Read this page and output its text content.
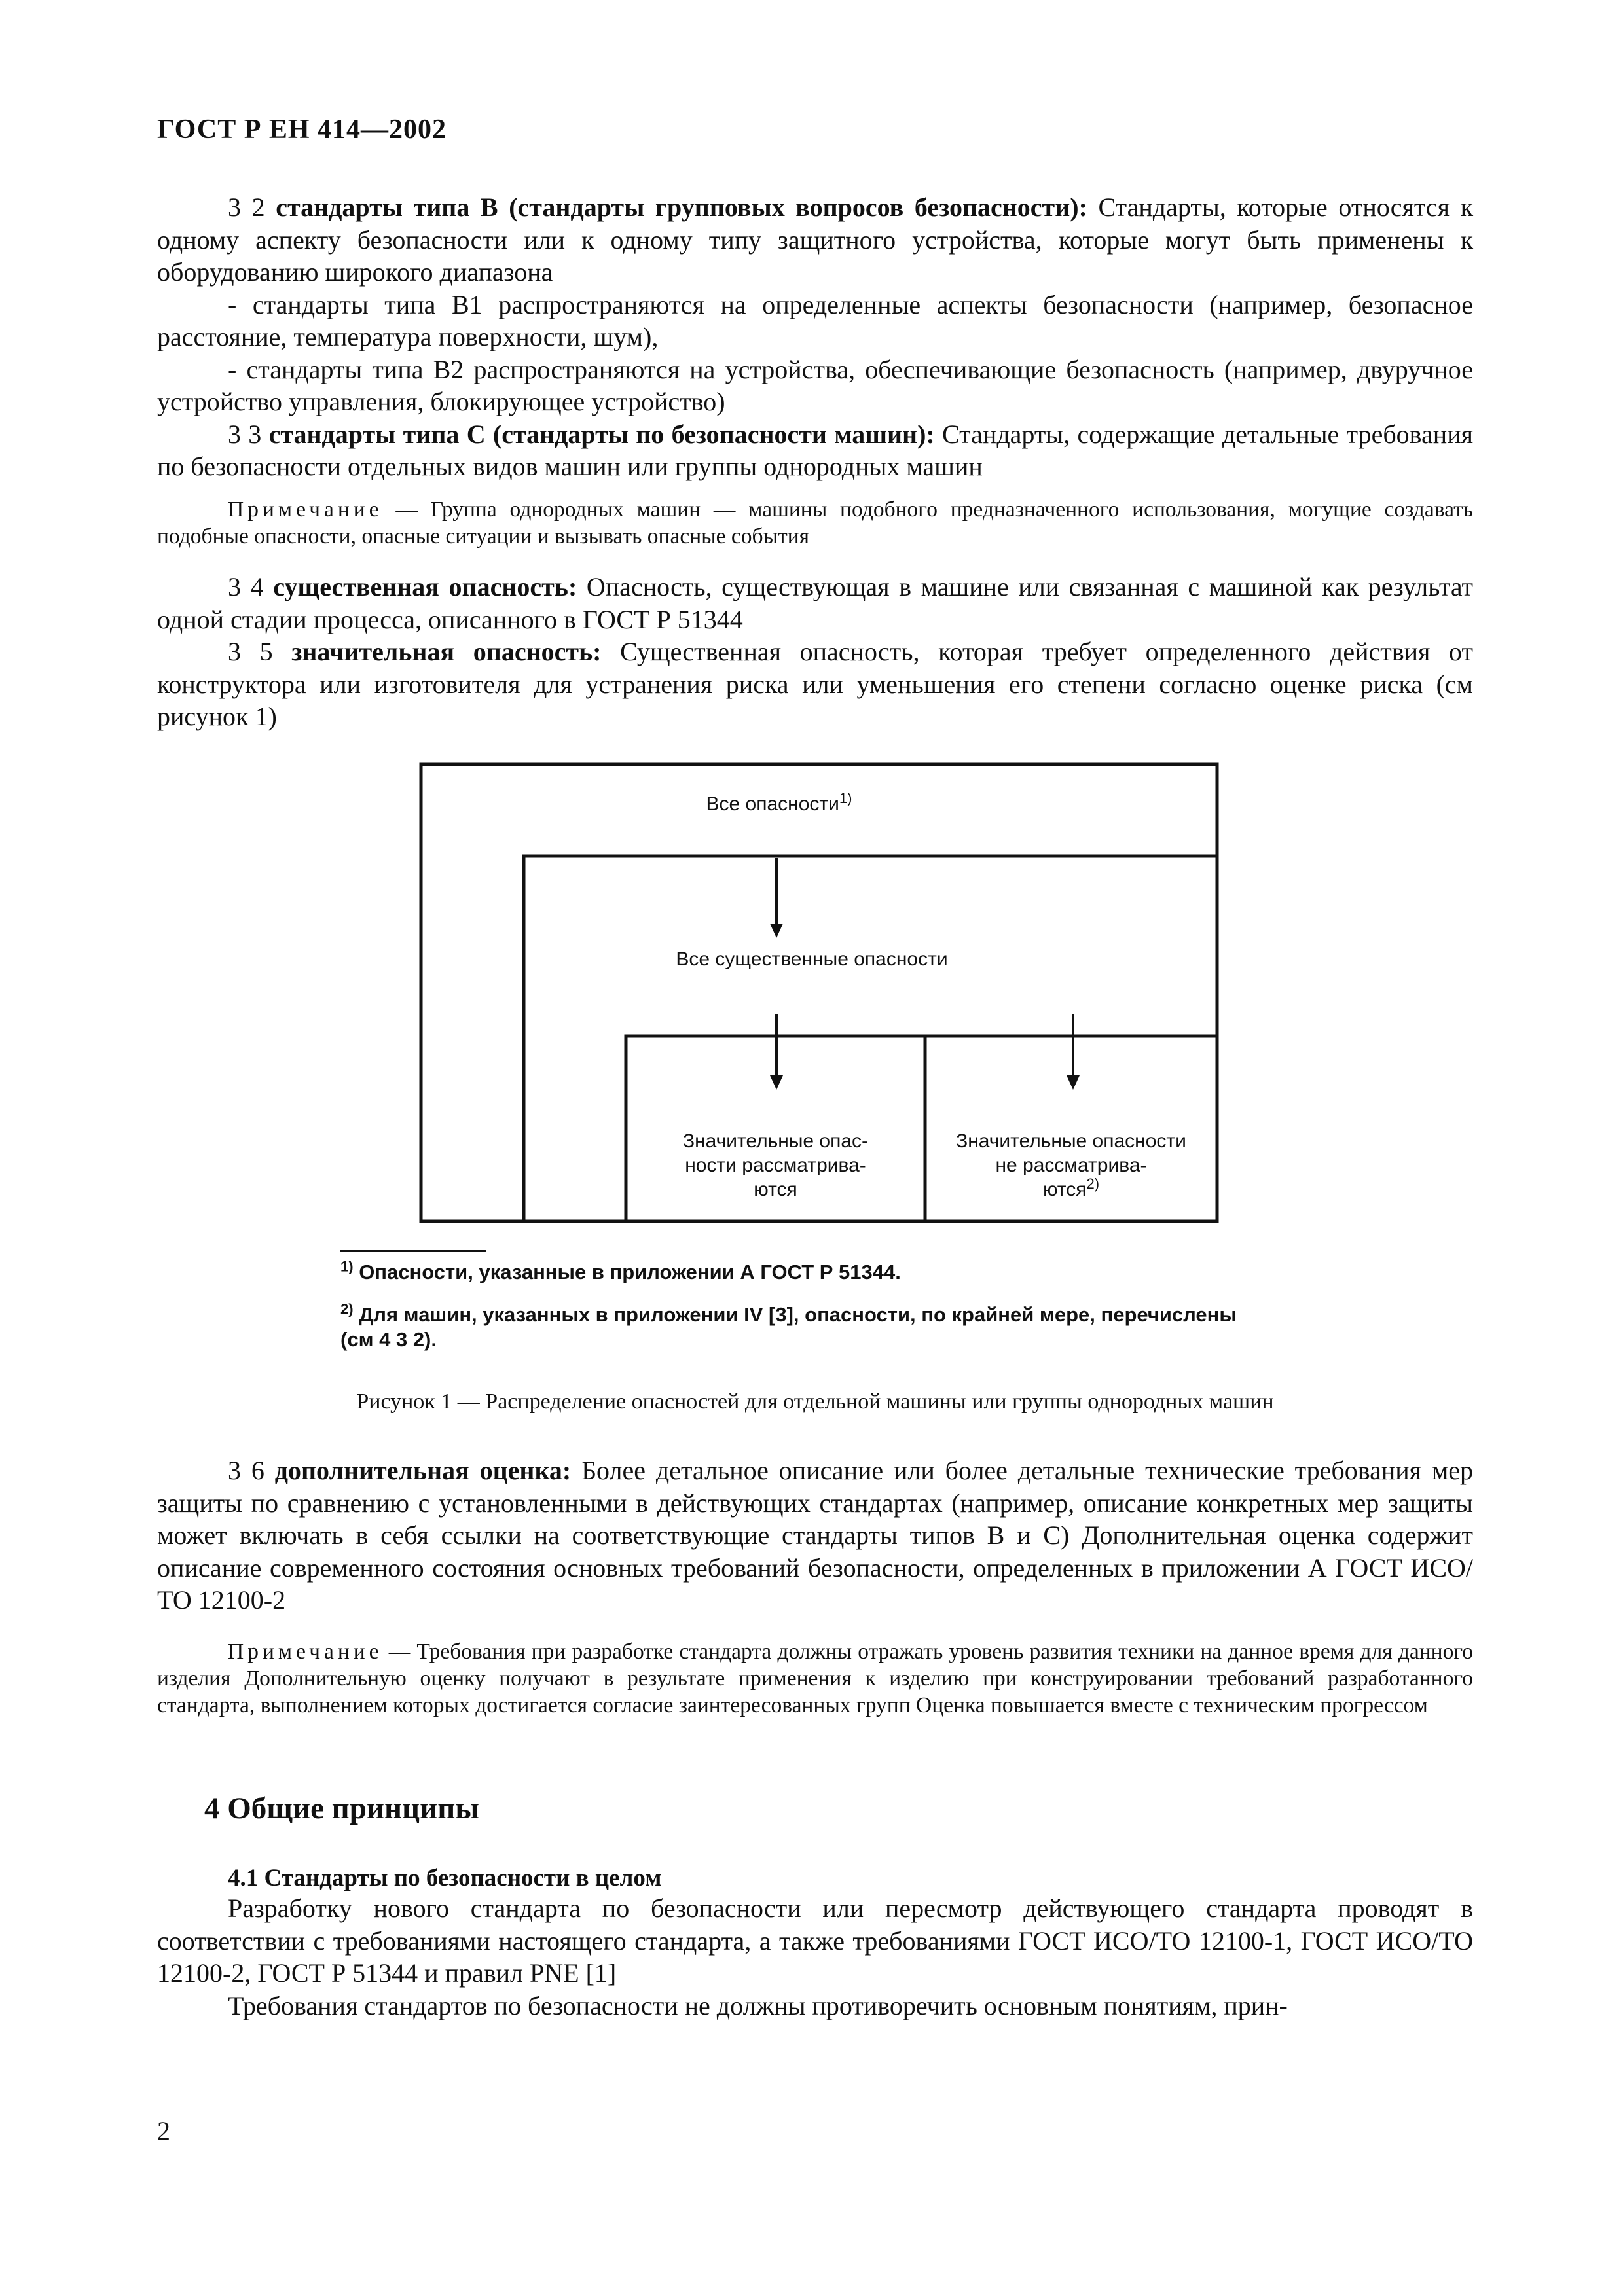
ГОСТ Р ЕН 414—2002

3 2 стандарты типа В (стандарты групповых вопросов безопасности): Стандарты, которые относятся к одному аспекту безопасности или к одному типу защитного устройства, которые могут быть применены к оборудованию широкого диапазона

- стандарты типа В1 распространяются на определенные аспекты безопасности (например, безопасное расстояние, температура поверхности, шум),

- стандарты типа В2 распространяются на устройства, обеспечивающие безопасность (например, двуручное устройство управления, блокирующее устройство)

3 3 стандарты типа С (стандарты по безопасности машин): Стандарты, содержащие детальные требования по безопасности отдельных видов машин или группы однородных машин

Примечание — Группа однородных машин — машины подобного предназначенного использования, могущие создавать подобные опасности, опасные ситуации и вызывать опасные события

3 4 существенная опасность: Опасность, существующая в машине или связанная с машиной как результат одной стадии процесса, описанного в ГОСТ Р 51344

3 5 значительная опасность: Существенная опасность, которая требует определенного действия от конструктора или изготовителя для устранения риска или уменьшения его степени согласно оценке риска (см рисунок 1)

Все опасности$^{1)}$
Все существенные опасности
Значительные опас-
ности рассматрива-
ются
Значительные опасности
не рассматрива-
ются$^{2)}$
$^{1)}$ Опасности, указанные в приложении А ГОСТ Р 51344.
$^{2)}$ Для машин, указанных в приложении IV [3], опасности, по крайней мере, перечислены
(см 4 3 2).
Рисунок 1 — Распределение опасностей для отдельной машины или группы однородных машин

3 6 дополнительная оценка: Более детальное описание или более детальные технические требования мер защиты по сравнению с установленными в действующих стандартах (например, описание конкретных мер защиты может включать в себя ссылки на соответствующие стандарты типов В и С) Дополнительная оценка содержит описание современного состояния основных требований безопасности, определенных в приложении А ГОСТ ИСО/ТО 12100-2

Примечание — Требования при разработке стандарта должны отражать уровень развития техники на данное время для данного изделия Дополнительную оценку получают в результате применения к изделию при конструировании требований разработанного стандарта, выполнением которых достигается согласие заинтересованных групп Оценка повышается вместе с техническим прогрессом

4 Общие принципы
4.1 Стандарты по безопасности в целом

Разработку нового стандарта по безопасности или пересмотр действующего стандарта проводят в соответствии с требованиями настоящего стандарта, а также требованиями ГОСТ ИСО/ТО 12100-1, ГОСТ ИСО/ТО 12100-2, ГОСТ Р 51344 и правил PNE [1]

Требования стандартов по безопасности не должны противоречить основным понятиям, прин-

2
